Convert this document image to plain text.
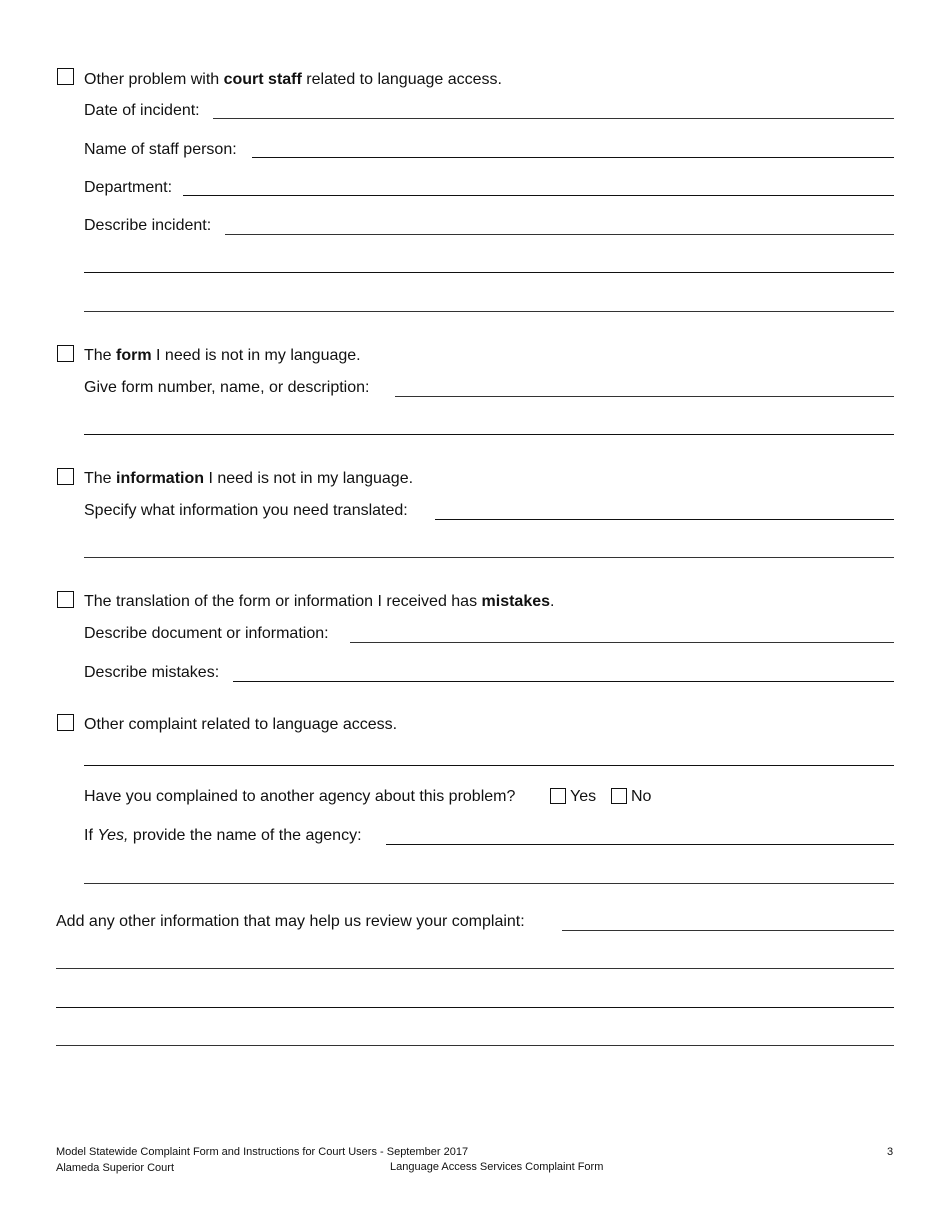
Other problem with court staff related to language access.
Date of incident:
Name of staff person:
Department:
Describe incident:
The form I need is not in my language.
Give form number, name, or description:
The information I need is not in my language.
Specify what information you need translated:
The translation of the form or information I received has mistakes.
Describe document or information:
Describe mistakes:
Other complaint related to language access.
Have you complained to another agency about this problem?	Yes No
If Yes, provide the name of the agency:
Add any other information that may help us review your complaint:
Model Statewide Complaint Form and Instructions for Court Users - September 2017
Alameda Superior Court	Language Access Services Complaint Form
3
